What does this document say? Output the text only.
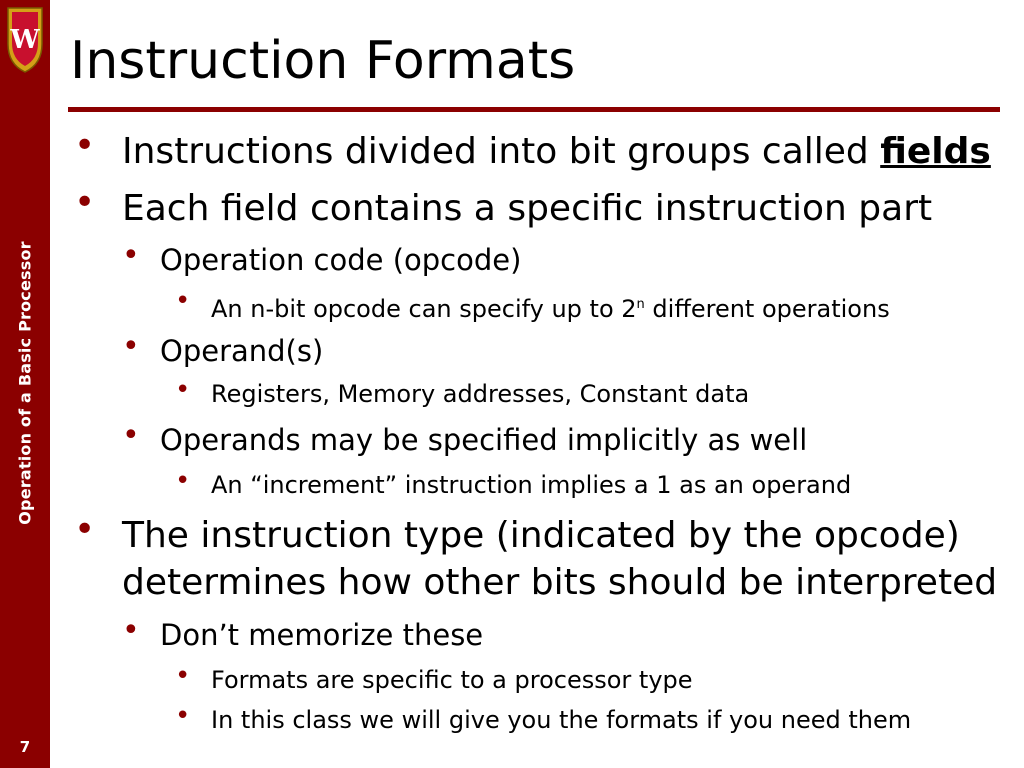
W
Operation of a Basic Processor
7
Instruction Formats
• Instructions divided into bit groups called fields
• Each field contains a specific instruction part
• Operation code (opcode)
• An n-bit opcode can specify up to 2$^n$ different operations
• Operand(s)
• Registers, Memory addresses, Constant data
• Operands may be specified implicitly as well
• An “increment” instruction implies a 1 as an operand
• The instruction type (indicated by the opcode)
determines how other bits should be interpreted
• Don’t memorize these
• Formats are specific to a processor type
• In this class we will give you the formats if you need them
